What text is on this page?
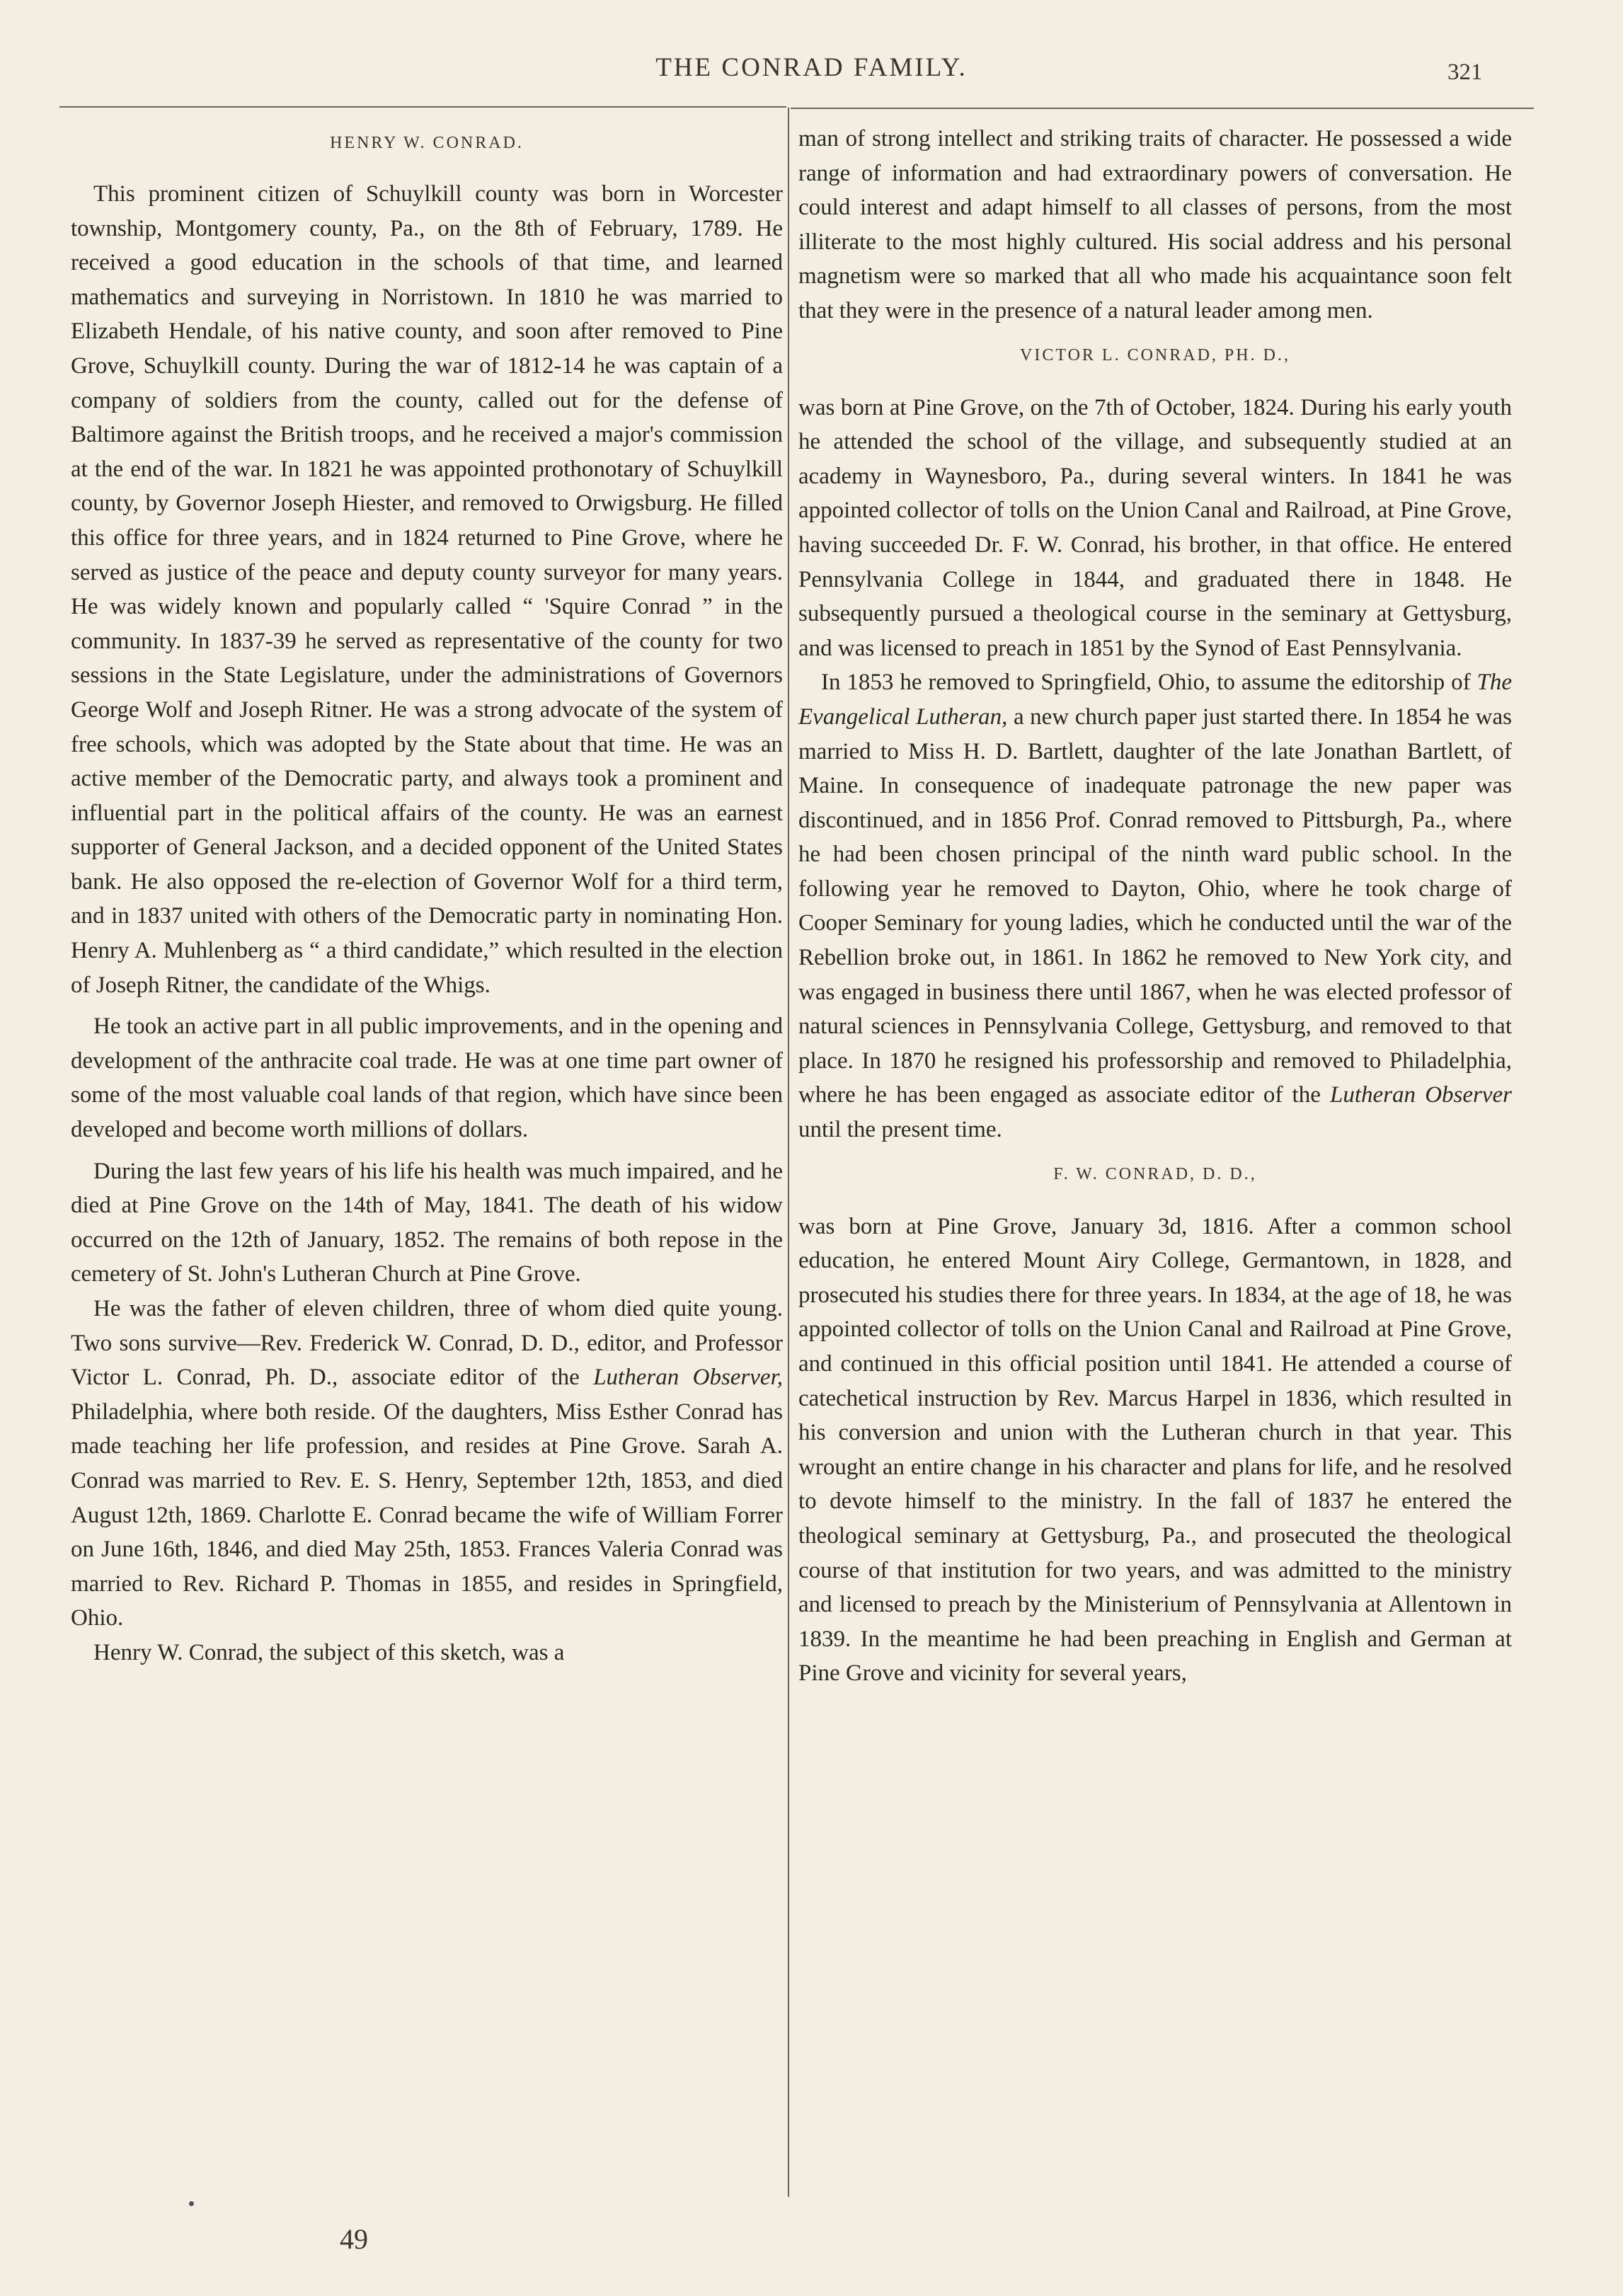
THE CONRAD FAMILY.	321
HENRY W. CONRAD.

This prominent citizen of Schuylkill county was born in Worcester township, Montgomery county, Pa., on the 8th of February, 1789. He received a good education in the schools of that time, and learned mathematics and surveying in Norristown. In 1810 he was married to Elizabeth Hendale, of his native county, and soon after removed to Pine Grove, Schuylkill county. During the war of 1812-14 he was captain of a company of soldiers from the county, called out for the defense of Baltimore against the British troops, and he received a major's commission at the end of the war. In 1821 he was appointed prothonotary of Schuylkill county, by Governor Joseph Hiester, and removed to Orwigsburg. He filled this office for three years, and in 1824 returned to Pine Grove, where he served as justice of the peace and deputy county surveyor for many years. He was widely known and popularly called “ 'Squire Conrad ” in the community. In 1837-39 he served as representative of the county for two sessions in the State Legislature, under the administrations of Governors George Wolf and Joseph Ritner. He was a strong advocate of the system of free schools, which was adopted by the State about that time. He was an active member of the Democratic party, and always took a prominent and influential part in the political affairs of the county. He was an earnest supporter of General Jackson, and a decided opponent of the United States bank. He also opposed the re-election of Governor Wolf for a third term, and in 1837 united with others of the Democratic party in nominating Hon. Henry A. Muhlenberg as “ a third candidate,” which resulted in the election of Joseph Ritner, the candidate of the Whigs.

He took an active part in all public improvements, and in the opening and development of the anthracite coal trade. He was at one time part owner of some of the most valuable coal lands of that region, which have since been developed and become worth millions of dollars.

During the last few years of his life his health was much impaired, and he died at Pine Grove on the 14th of May, 1841. The death of his widow occurred on the 12th of January, 1852. The remains of both repose in the cemetery of St. John's Lutheran Church at Pine Grove.

He was the father of eleven children, three of whom died quite young. Two sons survive—Rev. Frederick W. Conrad, D. D., editor, and Professor Victor L. Conrad, Ph. D., associate editor of the Lutheran Observer, Philadelphia, where both reside. Of the daughters, Miss Esther Conrad has made teaching her life profession, and resides at Pine Grove. Sarah A. Conrad was married to Rev. E. S. Henry, September 12th, 1853, and died August 12th, 1869. Charlotte E. Conrad became the wife of William Forrer on June 16th, 1846, and died May 25th, 1853. Frances Valeria Conrad was married to Rev. Richard P. Thomas in 1855, and resides in Springfield, Ohio.

Henry W. Conrad, the subject of this sketch, was a

man of strong intellect and striking traits of character. He possessed a wide range of information and had extraordinary powers of conversation. He could interest and adapt himself to all classes of persons, from the most illiterate to the most highly cultured. His social address and his personal magnetism were so marked that all who made his acquaintance soon felt that they were in the presence of a natural leader among men.

VICTOR L. CONRAD, PH. D.,

was born at Pine Grove, on the 7th of October, 1824. During his early youth he attended the school of the village, and subsequently studied at an academy in Waynesboro, Pa., during several winters. In 1841 he was appointed collector of tolls on the Union Canal and Railroad, at Pine Grove, having succeeded Dr. F. W. Conrad, his brother, in that office. He entered Pennsylvania College in 1844, and graduated there in 1848. He subsequently pursued a theological course in the seminary at Gettysburg, and was licensed to preach in 1851 by the Synod of East Pennsylvania.

In 1853 he removed to Springfield, Ohio, to assume the editorship of The Evangelical Lutheran, a new church paper just started there. In 1854 he was married to Miss H. D. Bartlett, daughter of the late Jonathan Bartlett, of Maine. In consequence of inadequate patronage the new paper was discontinued, and in 1856 Prof. Conrad removed to Pittsburgh, Pa., where he had been chosen principal of the ninth ward public school. In the following year he removed to Dayton, Ohio, where he took charge of Cooper Seminary for young ladies, which he conducted until the war of the Rebellion broke out, in 1861. In 1862 he removed to New York city, and was engaged in business there until 1867, when he was elected professor of natural sciences in Pennsylvania College, Gettysburg, and removed to that place. In 1870 he resigned his professorship and removed to Philadelphia, where he has been engaged as associate editor of the Lutheran Observer until the present time.

F. W. CONRAD, D. D.,

was born at Pine Grove, January 3d, 1816. After a common school education, he entered Mount Airy College, Germantown, in 1828, and prosecuted his studies there for three years. In 1834, at the age of 18, he was appointed collector of tolls on the Union Canal and Railroad at Pine Grove, and continued in this official position until 1841. He attended a course of catechetical instruction by Rev. Marcus Harpel in 1836, which resulted in his conversion and union with the Lutheran church in that year. This wrought an entire change in his character and plans for life, and he resolved to devote himself to the ministry. In the fall of 1837 he entered the theological seminary at Gettysburg, Pa., and prosecuted the theological course of that institution for two years, and was admitted to the ministry and licensed to preach by the Ministerium of Pennsylvania at Allentown in 1839. In the meantime he had been preaching in English and German at Pine Grove and vicinity for several years,

49
